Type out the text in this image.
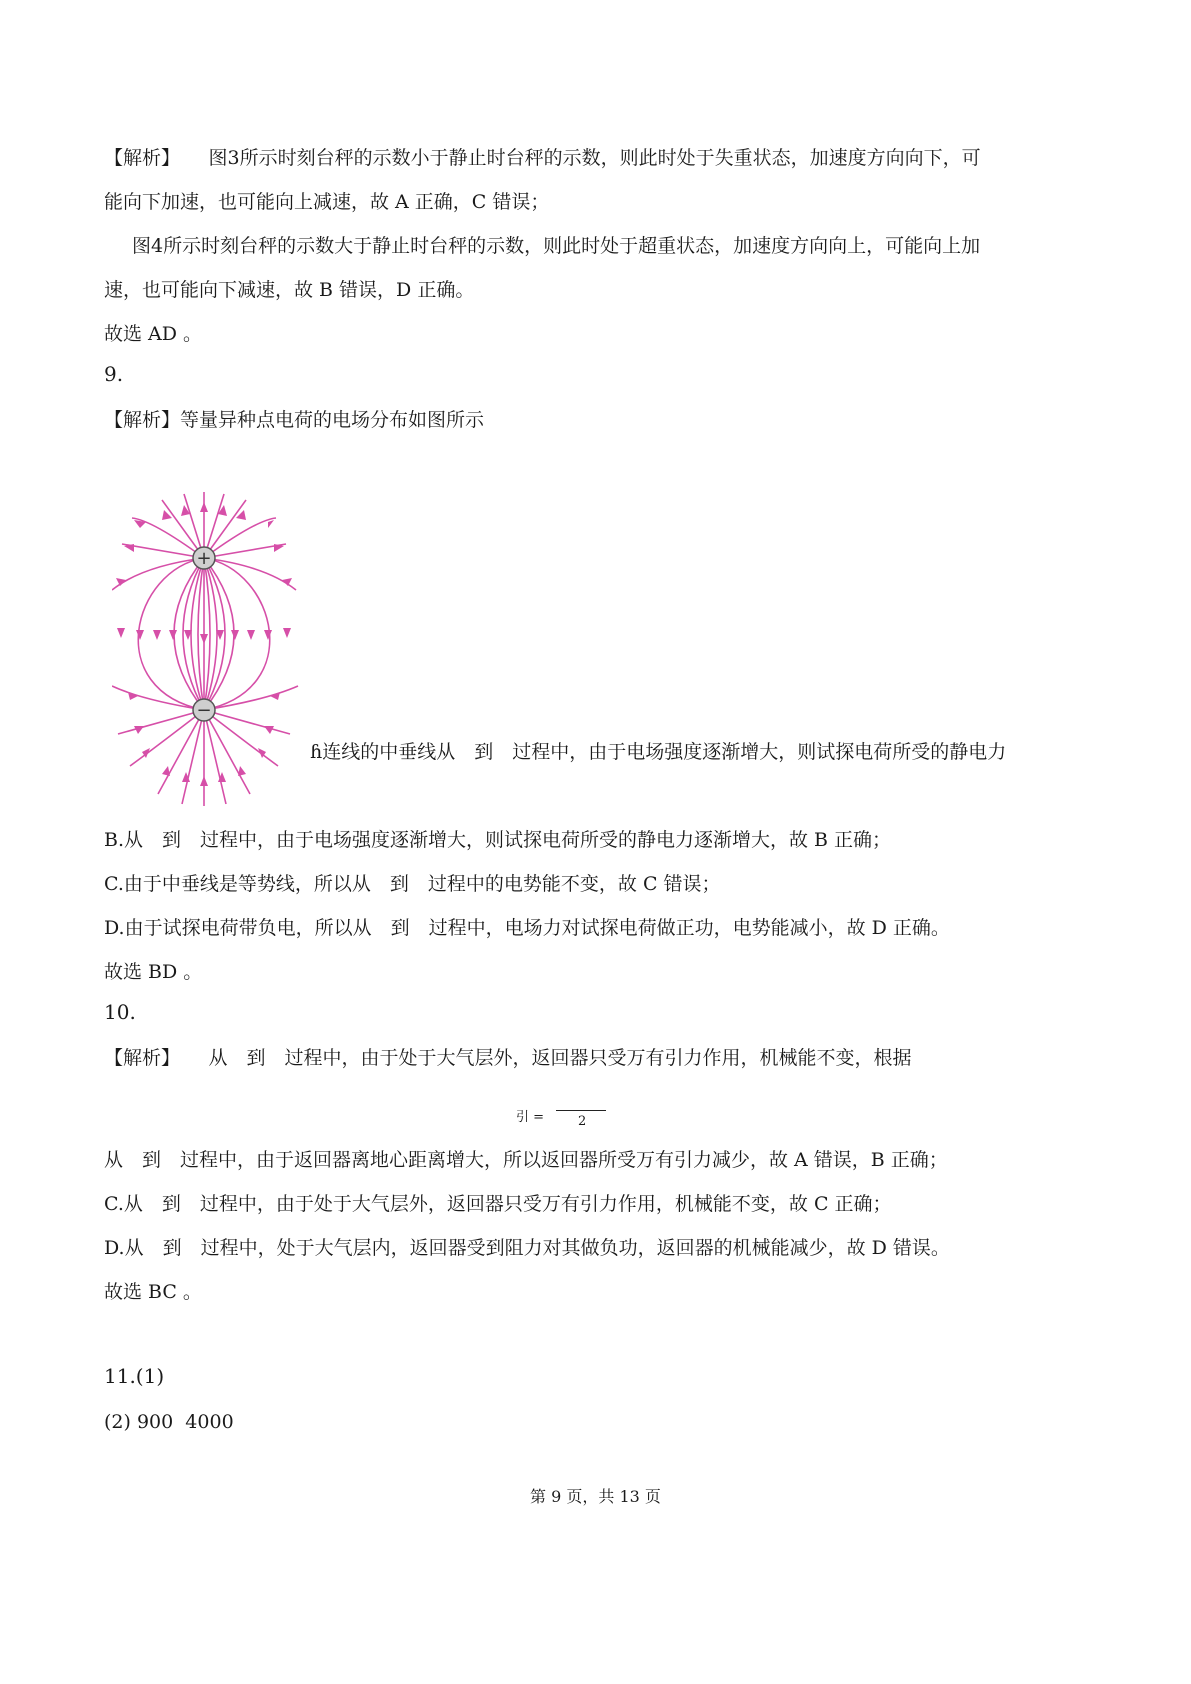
【解析】　　图3所示时刻台秤的示数小于静止时台秤的示数，则此时处于失重状态，加速度方向向下，可
能向下加速，也可能向上减速，故 A 正确，C 错误；
图4所示时刻台秤的示数大于静止时台秤的示数，则此时处于超重状态，加速度方向向上，可能向上加
速，也可能向下减速，故 B 错误，D 正确。
故选 AD 。
9.
【解析】等量异种点电荷的电场分布如图所示
+
−
ɦ连线的中垂线从　到　过程中，由于电场强度逐渐增大，则试探电荷所受的静电力
B.从　到　过程中，由于电场强度逐渐增大，则试探电荷所受的静电力逐渐增大，故 B 正确；
C.由于中垂线是等势线，所以从　到　过程中的电势能不变，故 C 错误；
D.由于试探电荷带负电，所以从　到　过程中，电场力对试探电荷做正功，电势能减小，故 D 正确。
故选 BD 。
10.
【解析】　　从　到　过程中，由于处于大气层外，返回器只受万有引力作用，机械能不变，根据
引 =	2
从　到　过程中，由于返回器离地心距离增大，所以返回器所受万有引力减少，故 A 错误，B 正确；
C.从　到　过程中，由于处于大气层外，返回器只受万有引力作用，机械能不变，故 C 正确；
D.从　到　过程中，处于大气层内，返回器受到阻力对其做负功，返回器的机械能减少，故 D 错误。
故选 BC 。
11.(1)
(2) 900  4000
第 9 页，共 13 页
